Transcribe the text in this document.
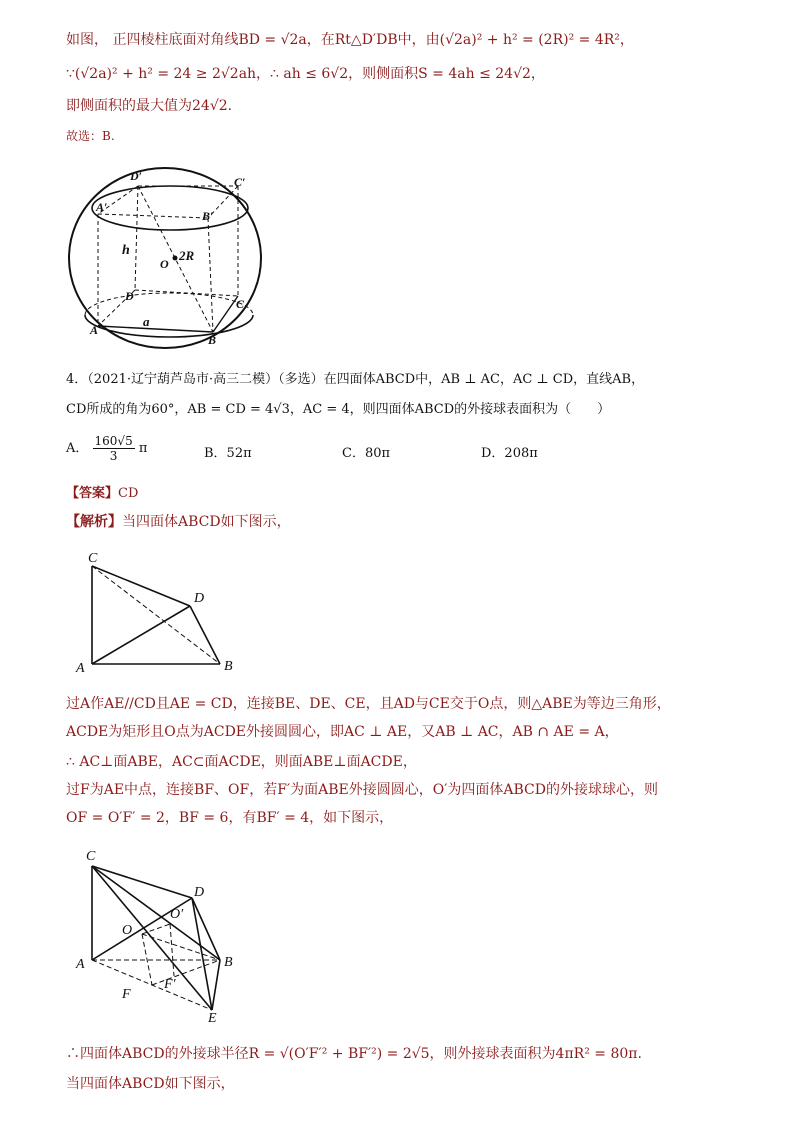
如图， 正四棱柱底面对角线BD = √2a，在Rt△D′DB中，由(√2a)² + h² = (2R)² = 4R²，
∵(√2a)² + h² = 24 ≥ 2√2ah，∴ ah ≤ 6√2，则侧面积S = 4ah ≤ 24√2，
即侧面积的最大值为24√2.
故选：B.
D′	C′
A′
B′
h
O
2R
D
C
A
a
B
4．（2021·辽宁葫芦岛市·高三二模）（多选）在四面体ABCD中，AB ⊥ AC，AC ⊥ CD，直线AB，
CD所成的角为60°，AB = CD = 4√3，AC = 4，则四面体ABCD的外接球表面积为（　　）
A． $\frac{160√5}{3}$ π	B．52π	C．80π	D．208π
【答案】CD
【解析】当四面体ABCD如下图示，
C
D
A	B
过A作AE//CD且AE = CD，连接BE、DE、CE，且AD与CE交于O点，则△ABE为等边三角形，
ACDE为矩形且O点为ACDE外接圆圆心，即AC ⊥ AE，又AB ⊥ AC，AB ∩ AE = A，
∴ AC⊥面ABE，AC⊂面ACDE，则面ABE⊥面ACDE，
过F为AE中点，连接BF、OF，若F′为面ABE外接圆圆心，O′为四面体ABCD的外接球球心，则
OF = O′F′ = 2，BF = 6，有BF′ = 4，如下图示，
C
D
O′
O
A	B
F
F′
E
∴四面体ABCD的外接球半径R = √(O′F′² + BF′²) = 2√5，则外接球表面积为4πR² = 80π.
当四面体ABCD如下图示，
